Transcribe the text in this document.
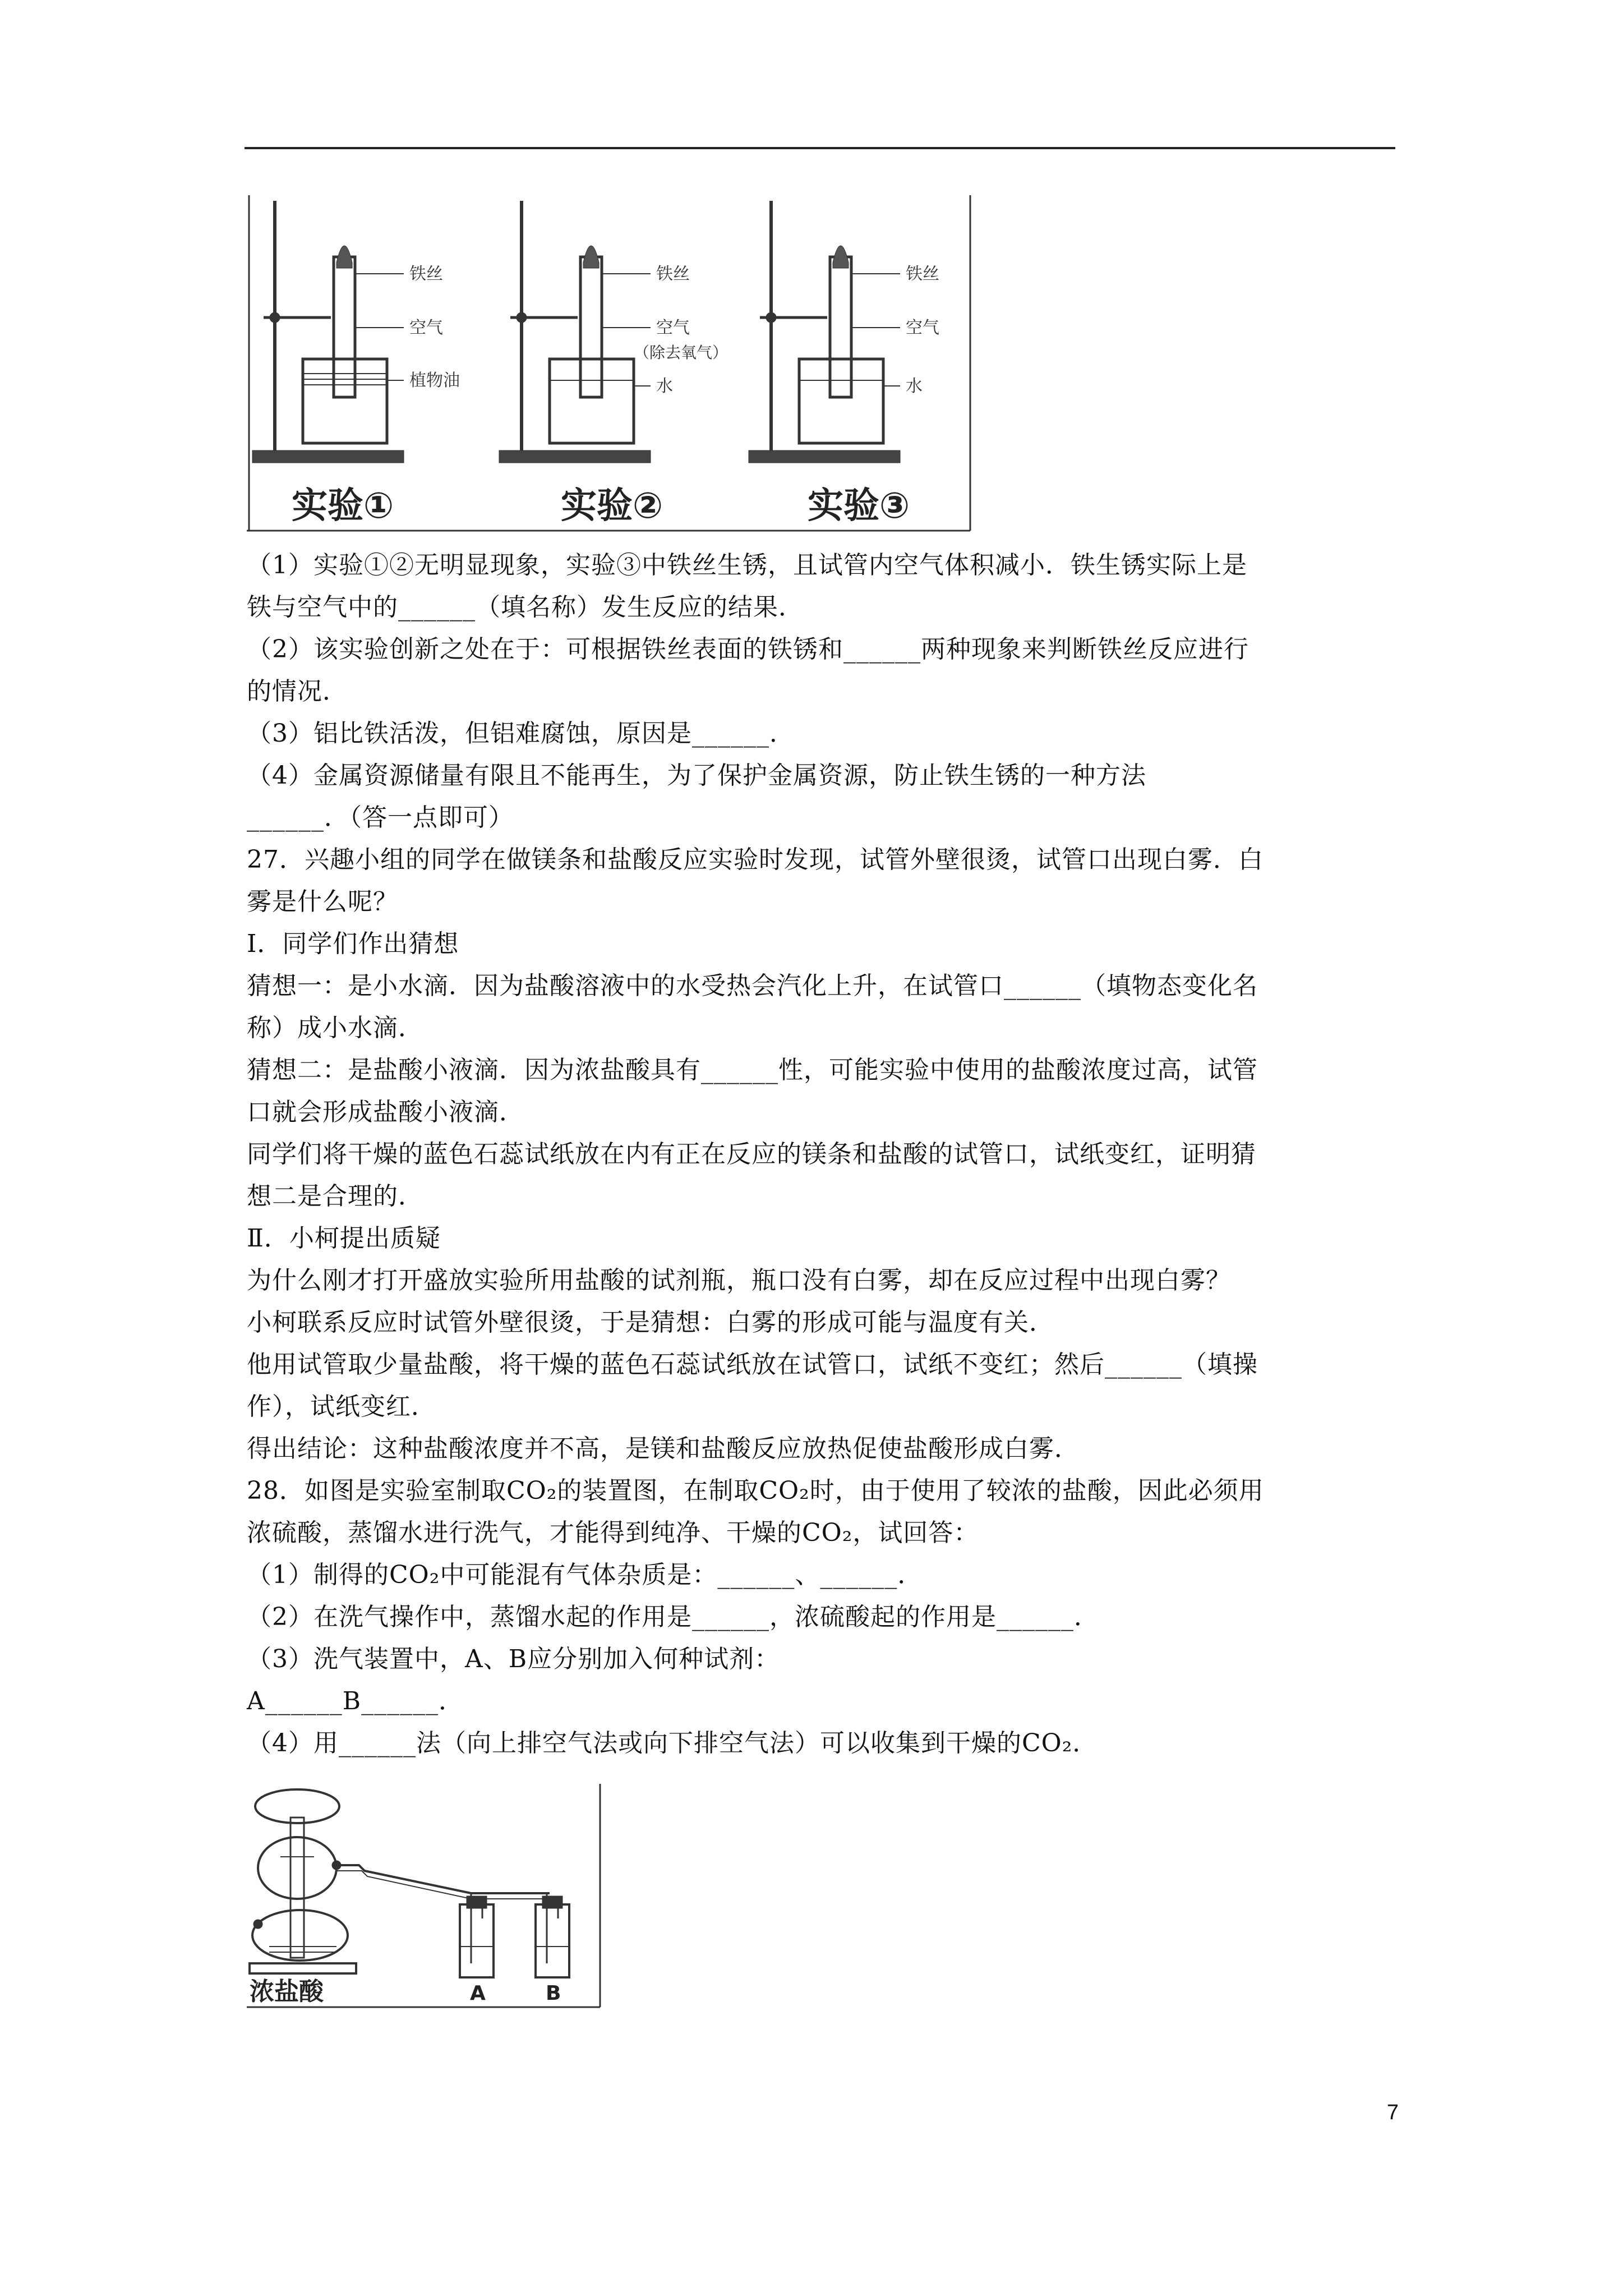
铁丝
空气
植物油
实验①
铁丝
空气
（除去氧气）
水
实验②
铁丝
空气
水
实验③
（1）实验①②无明显现象，实验③中铁丝生锈，且试管内空气体积减小．铁生锈实际上是
铁与空气中的______（填名称）发生反应的结果．
（2）该实验创新之处在于：可根据铁丝表面的铁锈和______两种现象来判断铁丝反应进行
的情况．
（3）铝比铁活泼，但铝难腐蚀，原因是______．
（4）金属资源储量有限且不能再生，为了保护金属资源，防止铁生锈的一种方法
______．（答一点即可）
27．兴趣小组的同学在做镁条和盐酸反应实验时发现，试管外壁很烫，试管口出现白雾．白
雾是什么呢？
Ⅰ．同学们作出猜想
猜想一：是小水滴．因为盐酸溶液中的水受热会汽化上升，在试管口______（填物态变化名
称）成小水滴．
猜想二：是盐酸小液滴．因为浓盐酸具有______性，可能实验中使用的盐酸浓度过高，试管
口就会形成盐酸小液滴．
同学们将干燥的蓝色石蕊试纸放在内有正在反应的镁条和盐酸的试管口，试纸变红，证明猜
想二是合理的．
Ⅱ．小柯提出质疑
为什么刚才打开盛放实验所用盐酸的试剂瓶，瓶口没有白雾，却在反应过程中出现白雾？
小柯联系反应时试管外壁很烫，于是猜想：白雾的形成可能与温度有关．
他用试管取少量盐酸，将干燥的蓝色石蕊试纸放在试管口，试纸不变红；然后______（填操
作），试纸变红．
得出结论：这种盐酸浓度并不高，是镁和盐酸反应放热促使盐酸形成白雾．
28．如图是实验室制取CO₂的装置图，在制取CO₂时，由于使用了较浓的盐酸，因此必须用
浓硫酸，蒸馏水进行洗气，才能得到纯净、干燥的CO₂，试回答：
（1）制得的CO₂中可能混有气体杂质是：______、______．
（2）在洗气操作中，蒸馏水起的作用是______，浓硫酸起的作用是______．
（3）洗气装置中，A、B应分别加入何种试剂：
A______B______．
（4）用______法（向上排空气法或向下排空气法）可以收集到干燥的CO₂．
浓盐酸	A	B
7
